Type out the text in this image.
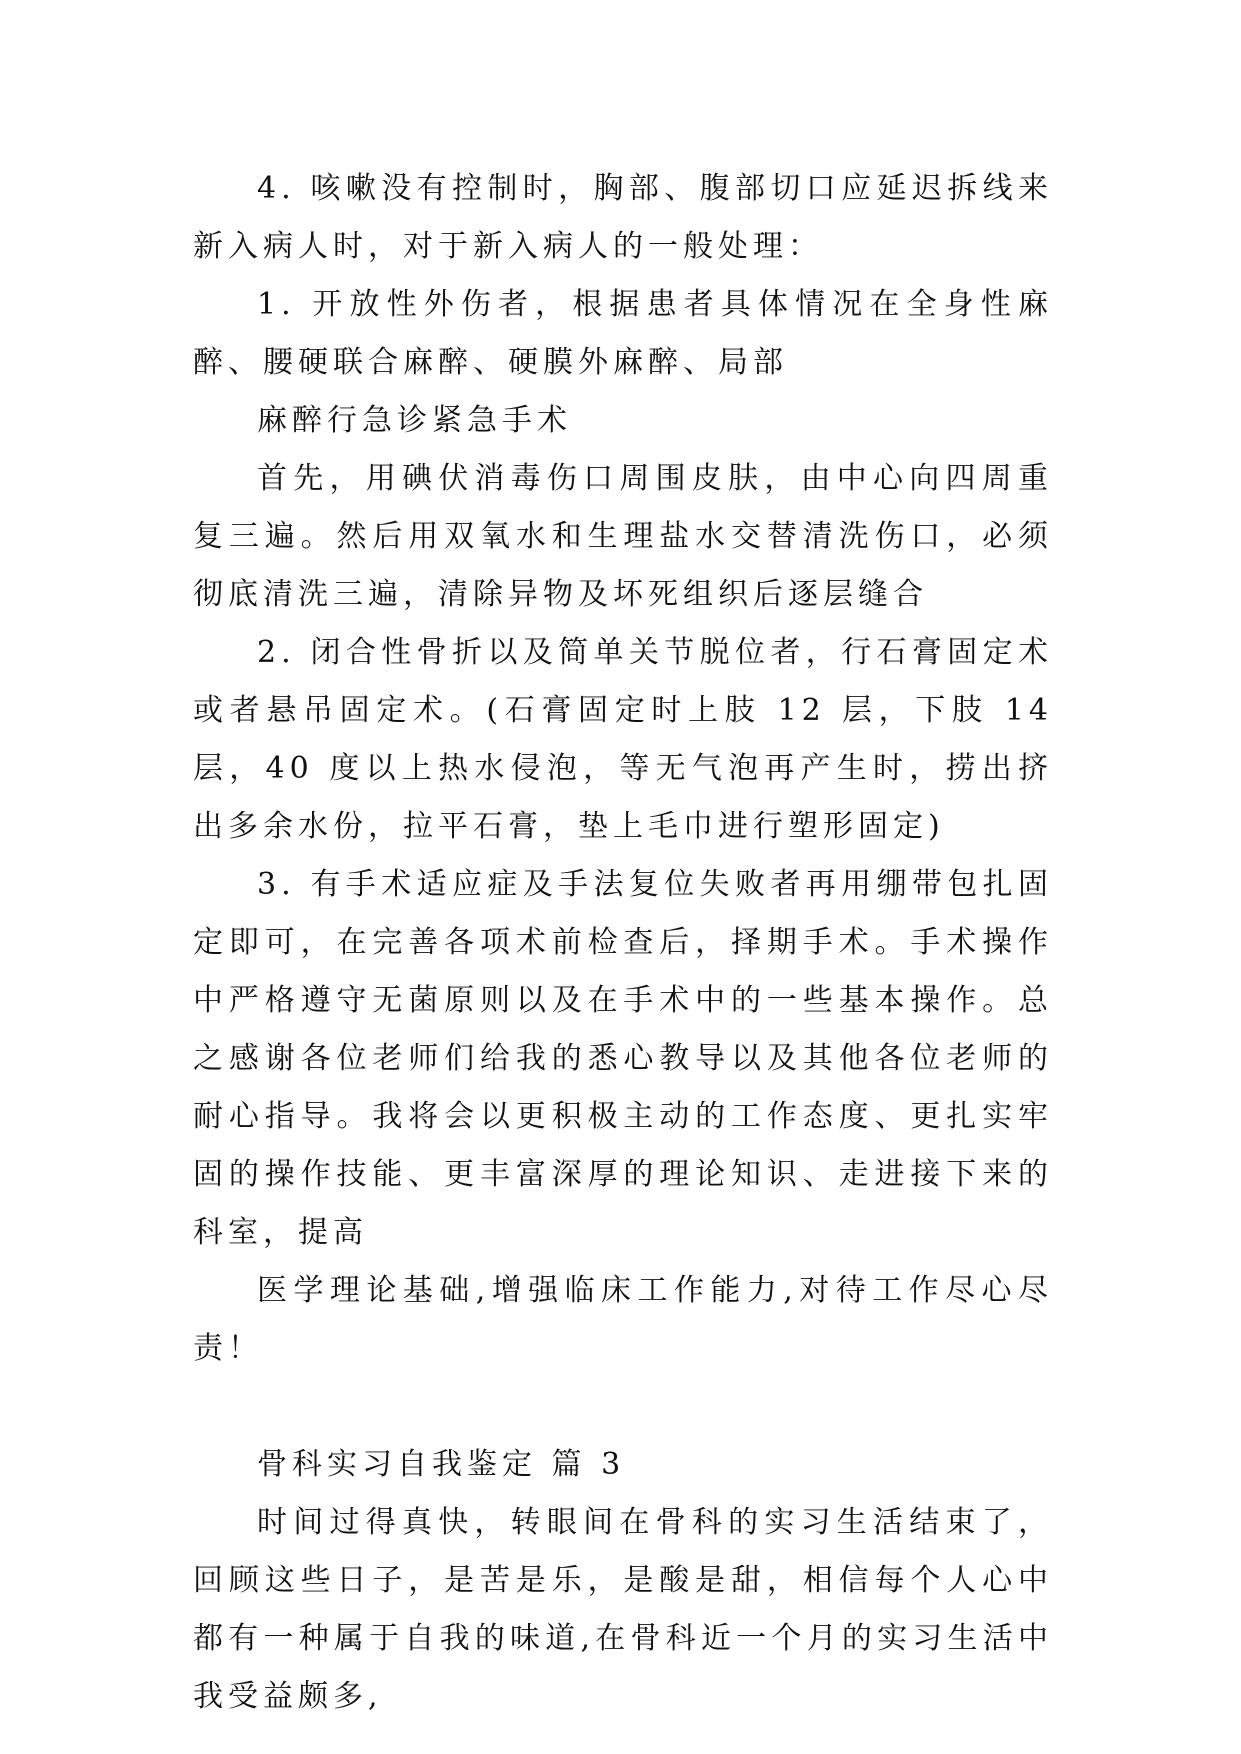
4. 咳嗽没有控制时，胸部、腹部切口应延迟拆线来新入病人时，对于新入病人的一般处理：

1. 开放性外伤者，根据患者具体情况在全身性麻醉、腰硬联合麻醉、硬膜外麻醉、局部

麻醉行急诊紧急手术

首先，用碘伏消毒伤口周围皮肤，由中心向四周重复三遍。然后用双氧水和生理盐水交替清洗伤口，必须彻底清洗三遍，清除异物及坏死组织后逐层缝合

2. 闭合性骨折以及简单关节脱位者，行石膏固定术或者悬吊固定术。(石膏固定时上肢 12 层，下肢 14 层，40 度以上热水侵泡，等无气泡再产生时，捞出挤出多余水份，拉平石膏，垫上毛巾进行塑形固定)

3. 有手术适应症及手法复位失败者再用绷带包扎固定即可，在完善各项术前检查后，择期手术。手术操作中严格遵守无菌原则以及在手术中的一些基本操作。总之感谢各位老师们给我的悉心教导以及其他各位老师的耐心指导。我将会以更积极主动的工作态度、更扎实牢固的操作技能、更丰富深厚的理论知识、走进接下来的科室，提高

医学理论基础,增强临床工作能力,对待工作尽心尽责！

骨科实习自我鉴定 篇 3

时间过得真快，转眼间在骨科的实习生活结束了，回顾这些日子，是苦是乐，是酸是甜，相信每个人心中都有一种属于自我的味道,在骨科近一个月的实习生活中我受益颇多,
